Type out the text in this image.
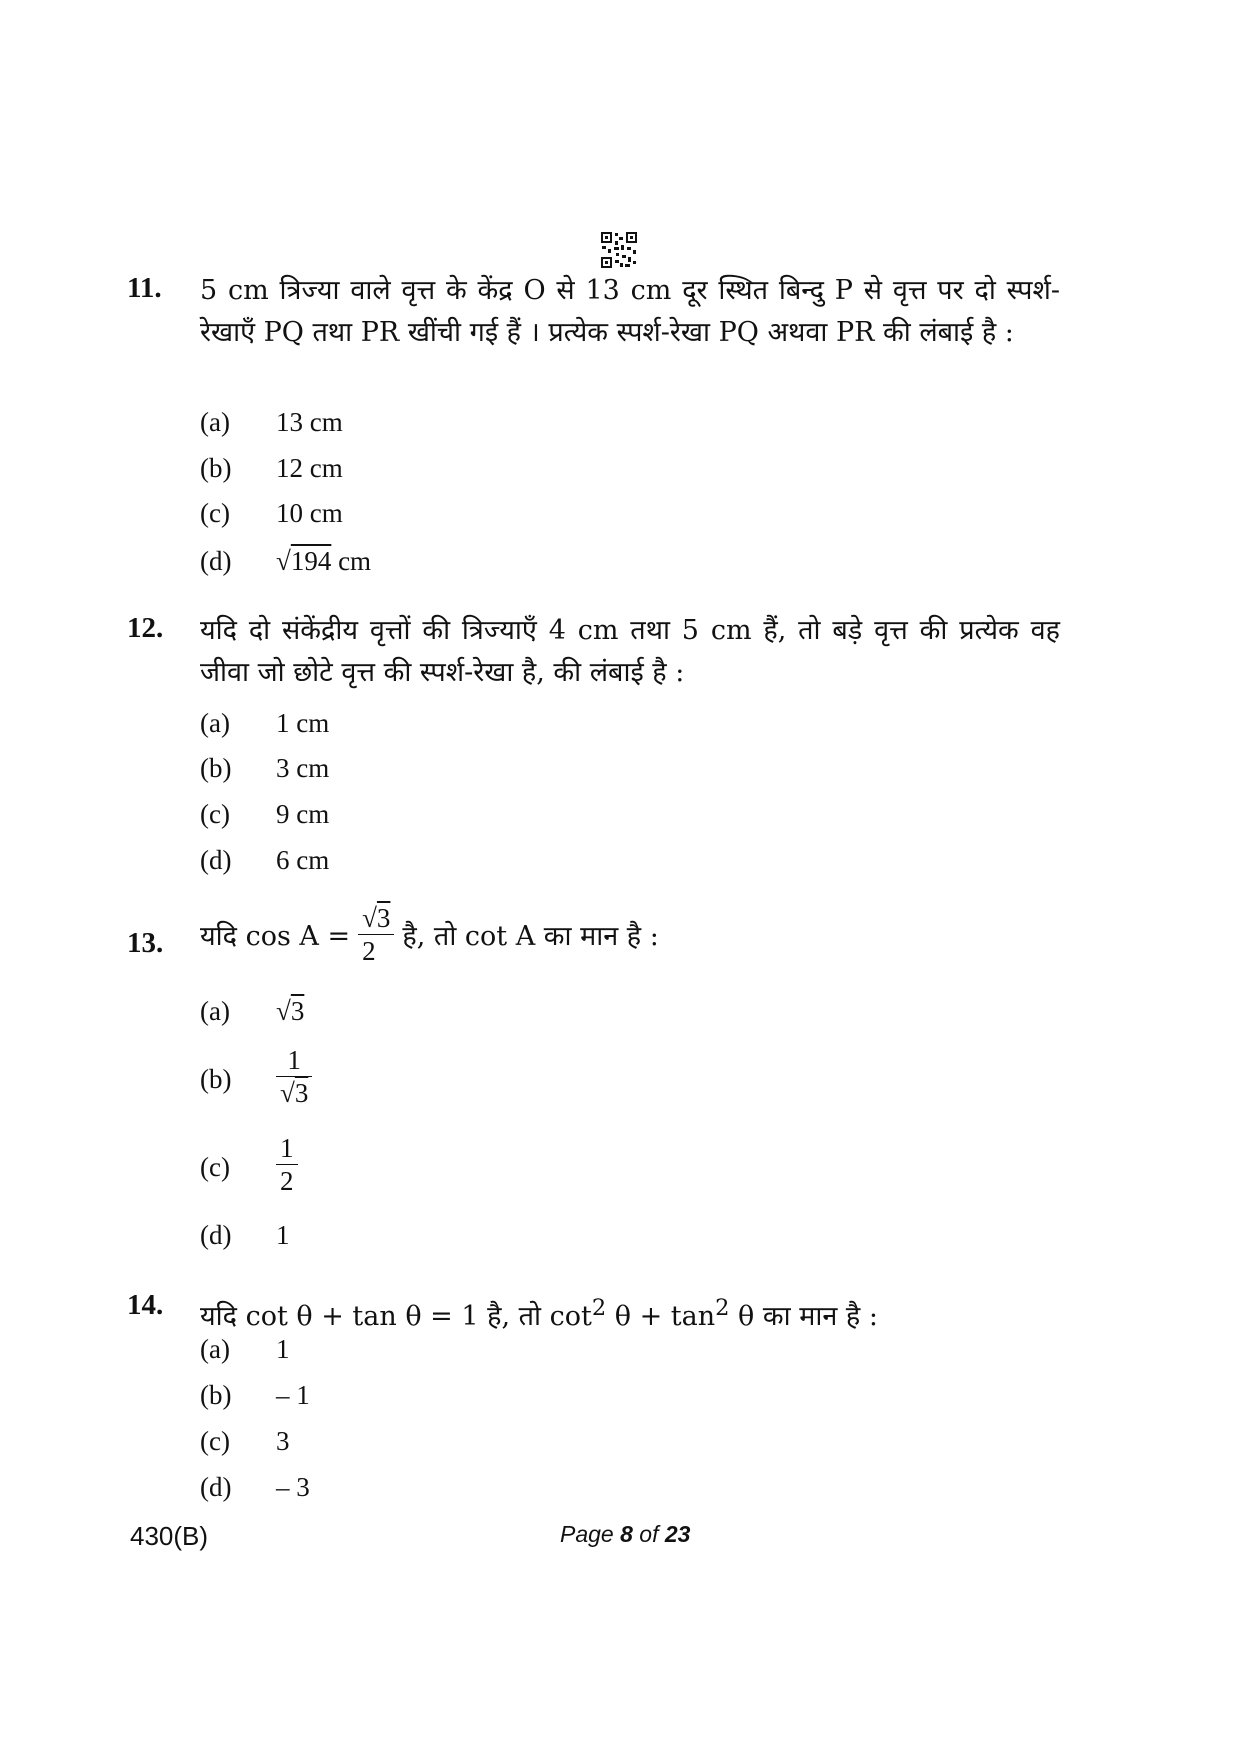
11. 5 cm त्रिज्या वाले वृत्त के केंद्र O से 13 cm दूर स्थित बिन्दु P से वृत्त पर दो स्पर्श-रेखाएँ PQ तथा PR खींची गई हैं । प्रत्येक स्पर्श-रेखा PQ अथवा PR की लंबाई है :
(a)	13 cm
(b)	12 cm
(c)	10 cm
(d)	√194 cm
12. यदि दो संकेंद्रीय वृत्तों की त्रिज्याएँ 4 cm तथा 5 cm हैं, तो बड़े वृत्त की प्रत्येक वह जीवा जो छोटे वृत्त की स्पर्श-रेखा है, की लंबाई है :
(a)	1 cm
(b)	3 cm
(c)	9 cm
(d)	6 cm
13. यदि $\cos A = \frac{√3}{2}$ है, तो cot A का मान है :
(a)	√3
(b)	$\frac{1}{√3}$
(c)	$\frac{1}{2}$
(d)	1
14. यदि cot θ + tan θ = 1 है, तो $\cot^2 \theta + \tan^2 \theta$ का मान है :
(a)	1
(b)	– 1
(c)	3
(d)	– 3
430(B)	Page 8 of 23
